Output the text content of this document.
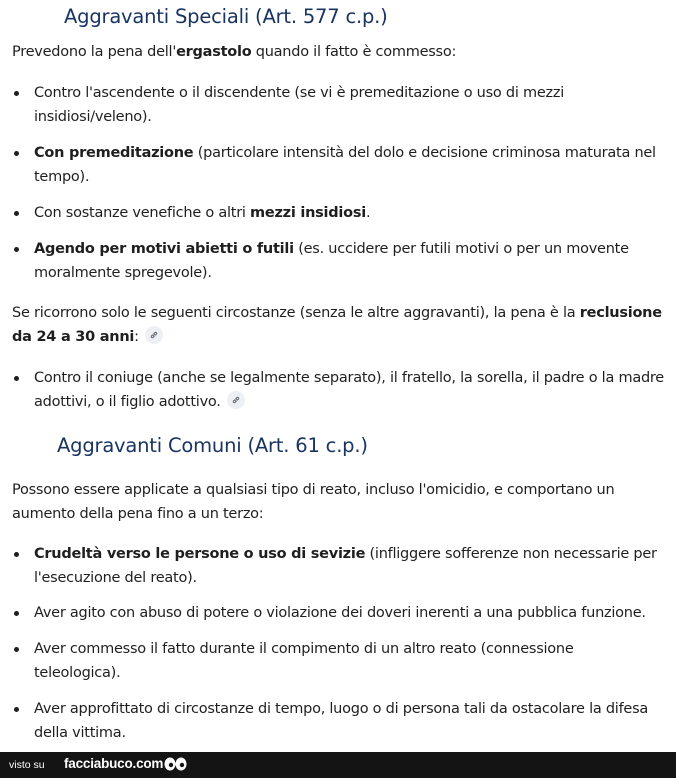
Aggravanti Speciali (Art. 577 c.p.)

Prevedono la pena dell'ergastolo quando il fatto è commesso:

Contro l'ascendente o il discendente (se vi è premeditazione o uso di mezzi insidiosi/veleno).
Con premeditazione (particolare intensità del dolo e decisione criminosa maturata nel tempo).
Con sostanze venefiche o altri mezzi insidiosi.
Agendo per motivi abietti o futili (es. uccidere per futili motivi o per un movente moralmente spregevole).

Se ricorrono solo le seguenti circostanze (senza le altre aggravanti), la pena è la reclusione da 24 a 30 anni:

Contro il coniuge (anche se legalmente separato), il fratello, la sorella, il padre o la madre adottivi, o il figlio adottivo.
Aggravanti Comuni (Art. 61 c.p.)

Possono essere applicate a qualsiasi tipo di reato, incluso l'omicidio, e comportano un aumento della pena fino a un terzo:

Crudeltà verso le persone o uso di sevizie (infliggere sofferenze non necessarie per l'esecuzione del reato).
Aver agito con abuso di potere o violazione dei doveri inerenti a una pubblica funzione.
Aver commesso il fatto durante il compimento di un altro reato (connessione teleologica).
Aver approfittato di circostanze di tempo, luogo o di persona tali da ostacolare la difesa della vittima.
visto su facciabuco.com
